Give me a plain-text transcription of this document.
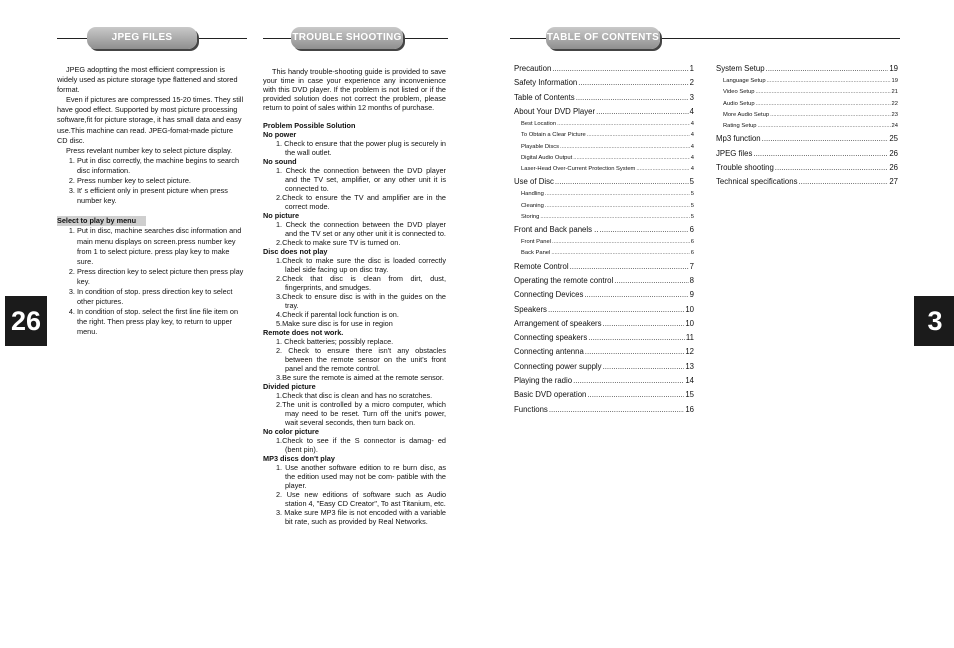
26	3
JPEG FILES	TROUBLE SHOOTING	TABLE OF CONTENTS

JPEG adoptting the most efficient compression is widely used as picture storage type flattened and stored format.

Even if pictures are compressed 15-20 times. They still have good effect. Supported by most picture processing software,fit for picture storage, it has small data and easy use.This machine can read. JPEG-fomat-made picture CD disc.

Press revelant number key to select picture display.

1. Put in disc correctly, the machine begins to search disc information.
2. Press number key to select picture.
3. It' s efficient only in present picture when press number key.
Select to play by menu
1. Put in disc, machine searches disc information and main menu displays on screen.press number key from 1 to select picture. press play key to make sure.
2. Press direction key to select picture then press play key.
3. In condition of stop. press direction key to select other pictures.
4. In condition of stop. select the first line file item on the right. Then press play key, to return to upper menu.

This handy trouble-shooting guide is provided to save your time in case your experience any inconvenience with this DVD player. If the problem is not listed or if the provided solution does not correct the problem, please return to point of sales within 12 months of purchase.

Problem Possible Solution
No power
1. Check to ensure that the power plug is securely in the wall outlet.
No sound
1. Check the connection between the DVD player and the TV set, amplifier, or any other unit it is connected to.
2.Check to ensure the TV and amplifier are in the correct mode.
No picture
1. Check the connection between the DVD player and the TV set or any other unit it is connected to.
2.Check to make sure TV is turned on.
Disc does not play
1.Check to make sure the disc is loaded correctly label side facing up on disc tray.
2.Check that disc is clean from dirt, dust, fingerprints, and smudges.
3.Check to ensure disc is with in the guides on the tray.
4.Check if parental lock function is on.
5.Make sure disc is for use in region
Remote does not work.
1. Check batteries; possibly replace.
2. Check to ensure there isn't any obstacles between the remote sensor on the unit's front panel and the remote control.
3.Be sure the remote is aimed at the remote sensor.
Divided picture
1.Check that disc is clean and has no scratches.
2.The unit is controlled by a micro computer, which may need to be reset. Turn off the unit's power, wait several seconds, then turn back on.
No color picture
1.Check to see if the S connector is damag- ed (bent pin).
MP3 discs don't play
1. Use another software edition to re burn disc, as the edition used may not be com- patible with the player.
2. Use new editions of software such as Audio station 4, "Easy CD Creator", To ast Titanium, etc.
3. Make sure MP3 file is not encoded with a variable bit rate, such as provided by Real Networks.
Precaution .....	1
Safety Information .....	2
Table of Contents .....	3
About Your DVD Player .....	4
Best Location .....	4
To Obtain a Clear Picture .....	4
Playable Discs .....	4
Digital Audio Output .....	4
Laser-Head Over-Current Protection System .....	4
Use of Disc .....	5
Handling .....	5
Cleaning .....	5
Storing .....	5
Front and Back panels .. .....	6
Front Panel .....	6
Back Panel .....	6
Remote Control .....	7
Operating the remote control .....	8
Connecting Devices .....	9
Speakers .....	10
Arrangement of speakers .....	10
Connecting speakers .....	11
Connecting antenna .....	12
Connecting power supply .....	13
Playing the radio .....	14
Basic DVD operation .....	15
Functions .....	16
System Setup .....	19
Language Setup .....	19
Video Setup .....	21
Audio Setup .....	22
More Audio Setup .....	23
Rating Setup .....	24
Mp3 function .....	25
JPEG files .....	26
Trouble shooting .....	26
Technical specifications .....	27
